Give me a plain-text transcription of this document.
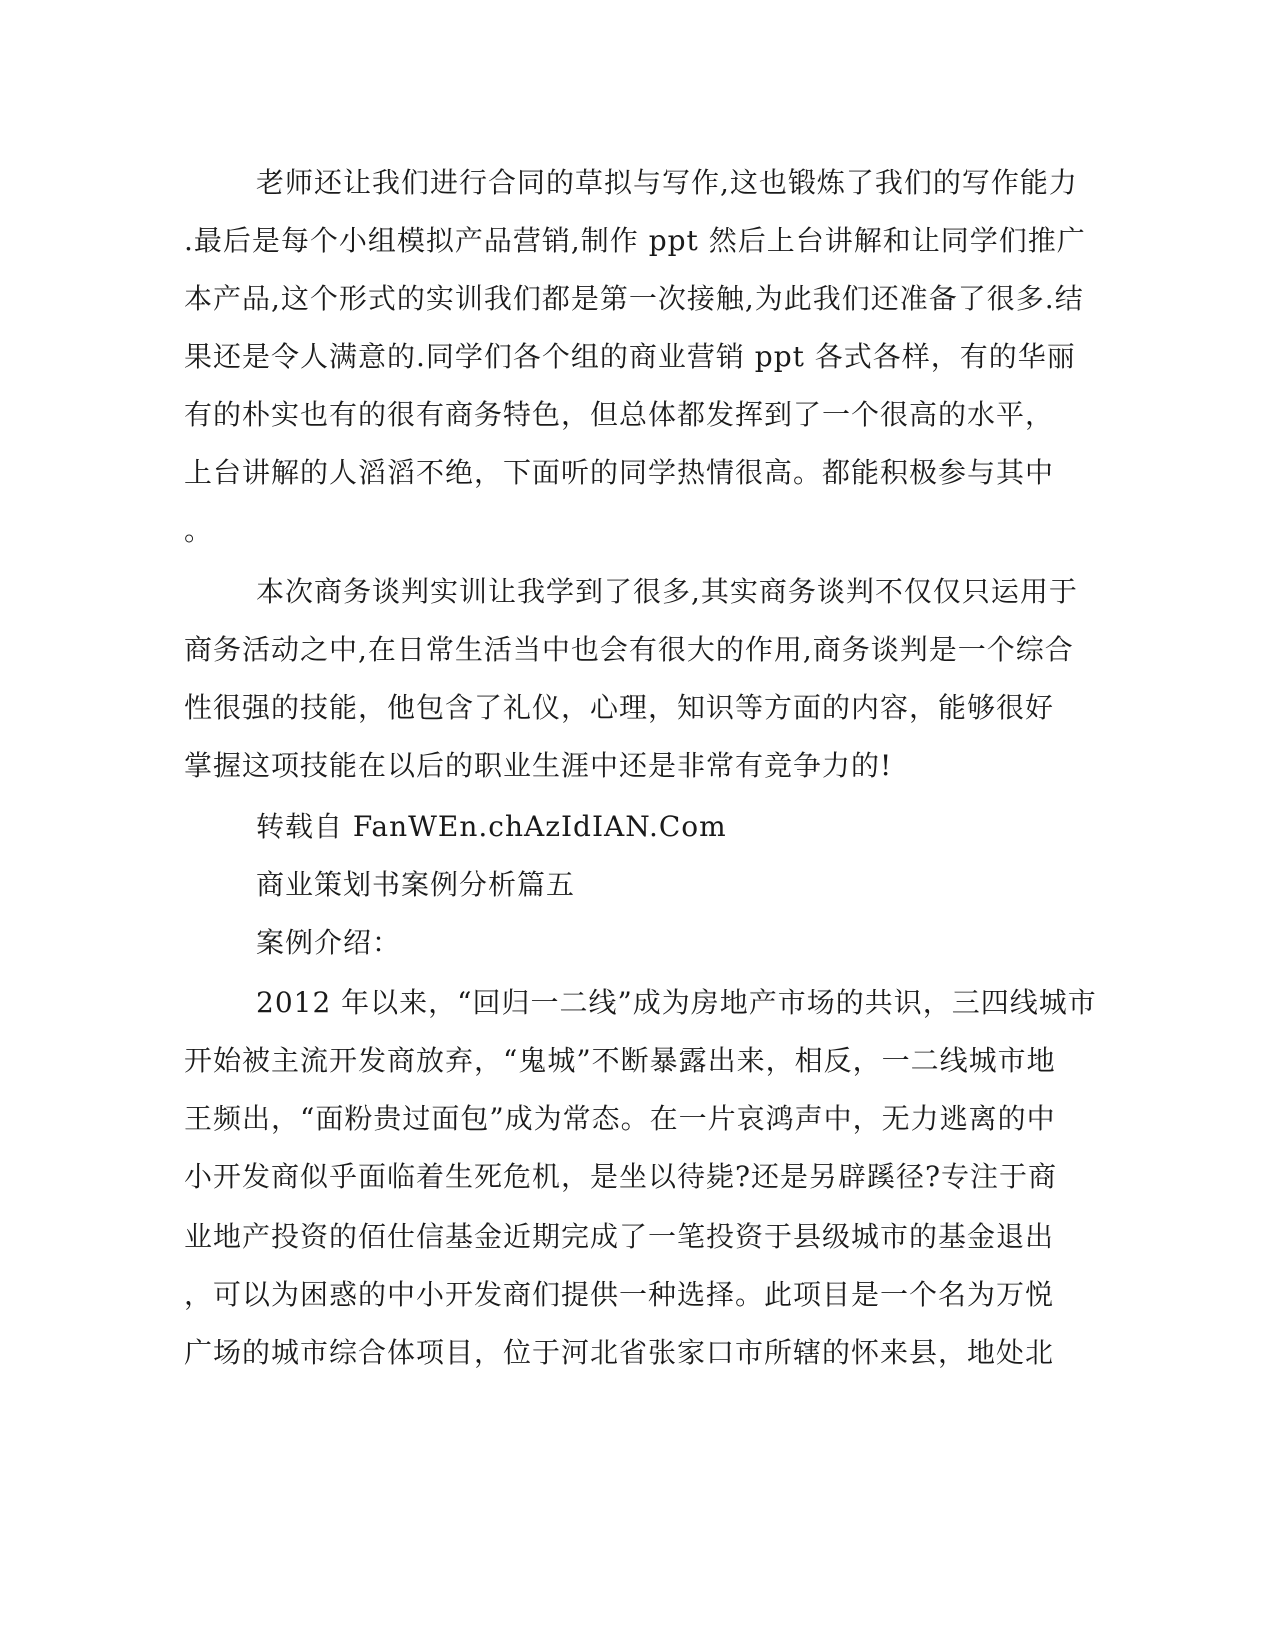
老师还让我们进行合同的草拟与写作,这也锻炼了我们的写作能力
.最后是每个小组模拟产品营销,制作 ppt 然后上台讲解和让同学们推广
本产品,这个形式的实训我们都是第一次接触,为此我们还准备了很多.结
果还是令人满意的.同学们各个组的商业营销 ppt 各式各样，有的华丽
有的朴实也有的很有商务特色，但总体都发挥到了一个很高的水平，
上台讲解的人滔滔不绝，下面听的同学热情很高。都能积极参与其中
。
本次商务谈判实训让我学到了很多,其实商务谈判不仅仅只运用于
商务活动之中,在日常生活当中也会有很大的作用,商务谈判是一个综合
性很强的技能，他包含了礼仪，心理，知识等方面的内容，能够很好
掌握这项技能在以后的职业生涯中还是非常有竞争力的!
转载自 FanWEn.chAzIdIAN.Com
商业策划书案例分析篇五
案例介绍：
2012 年以来，“回归一二线”成为房地产市场的共识，三四线城市
开始被主流开发商放弃，“鬼城”不断暴露出来，相反，一二线城市地
王频出，“面粉贵过面包”成为常态。在一片哀鸿声中，无力逃离的中
小开发商似乎面临着生死危机，是坐以待毙?还是另辟蹊径?专注于商
业地产投资的佰仕信基金近期完成了一笔投资于县级城市的基金退出
，可以为困惑的中小开发商们提供一种选择。此项目是一个名为万悦
广场的城市综合体项目，位于河北省张家口市所辖的怀来县，地处北
